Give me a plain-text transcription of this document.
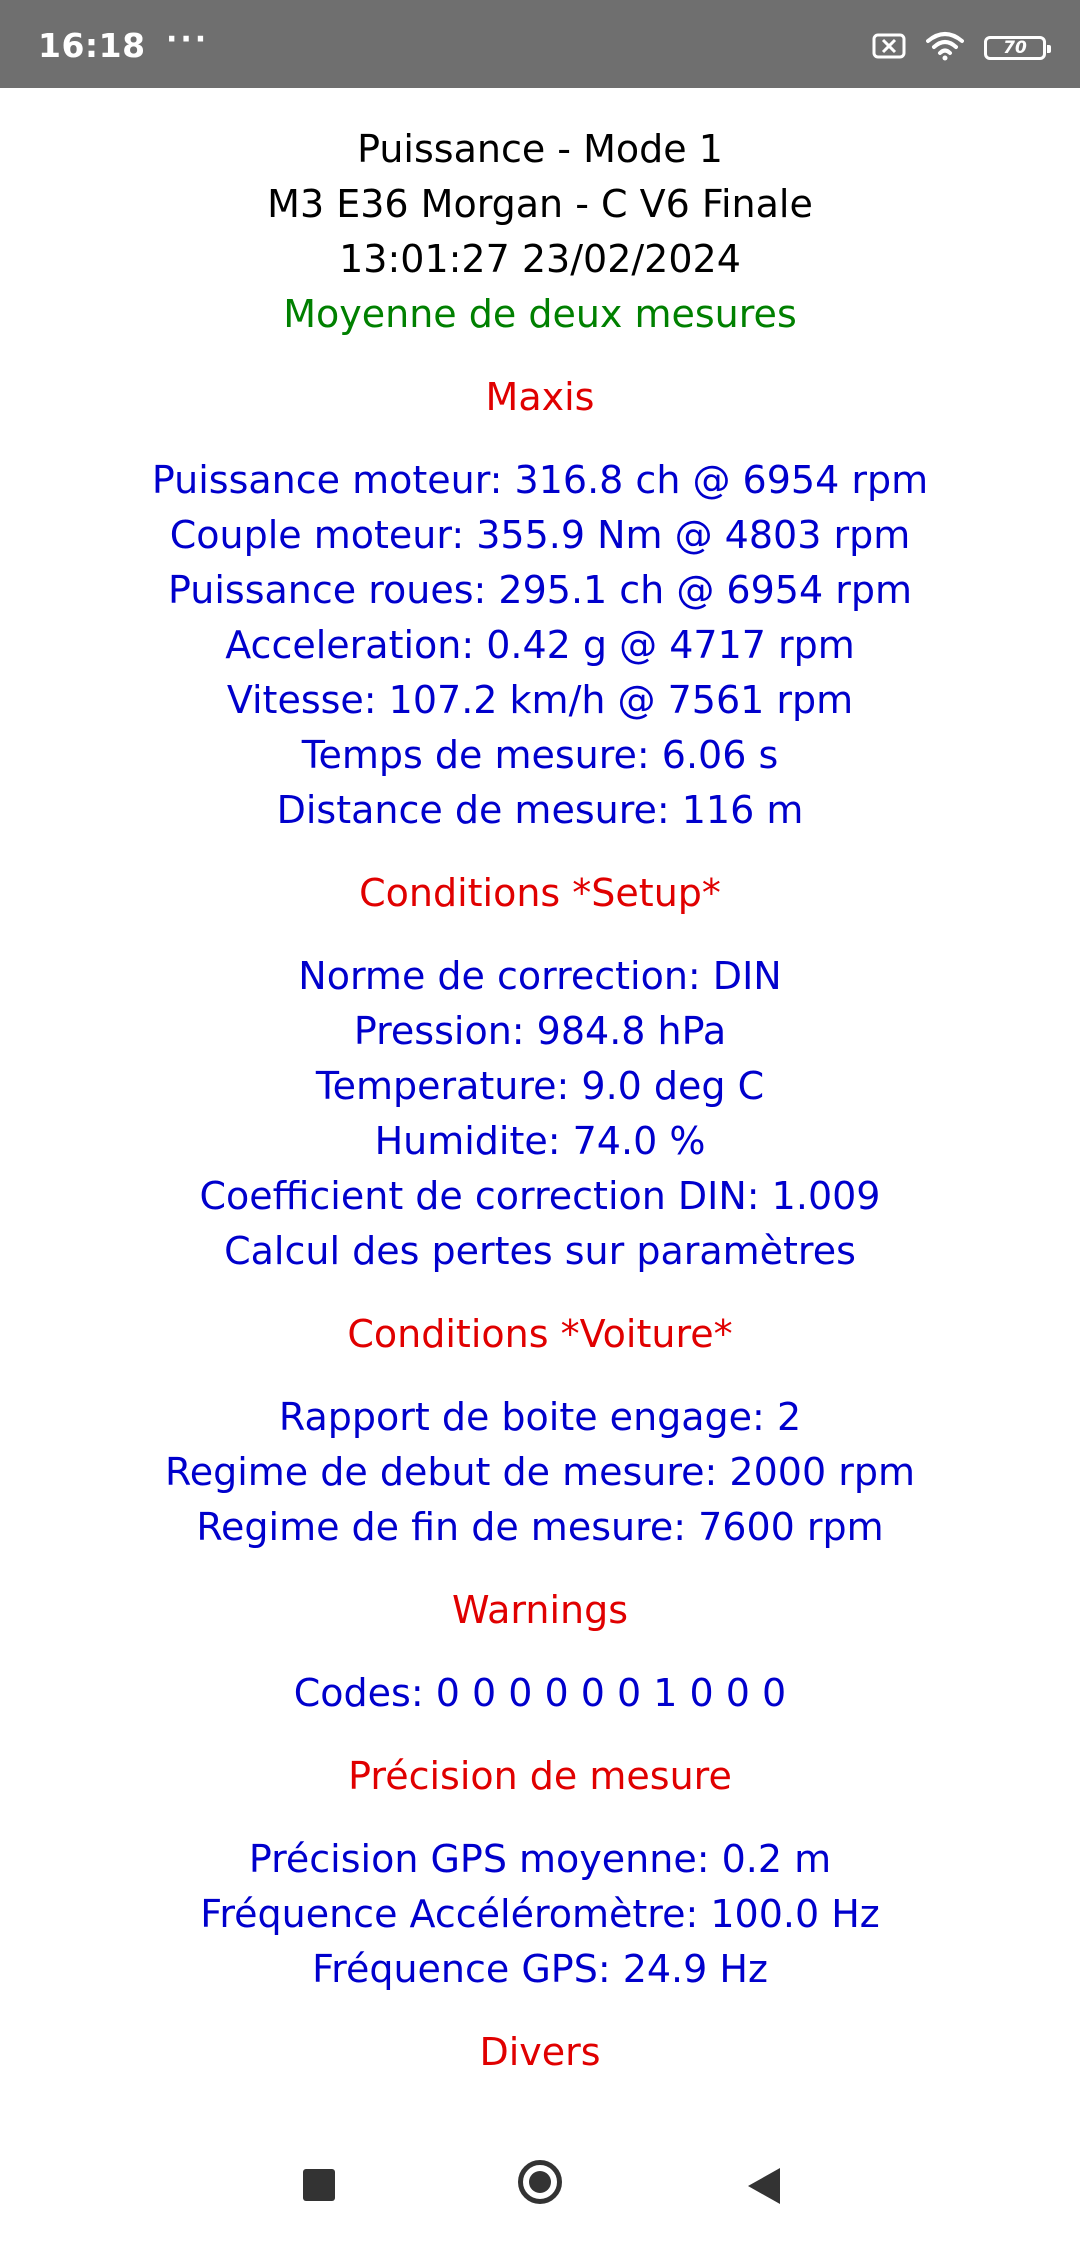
16:18 ···	70
Puissance - Mode 1
M3 E36 Morgan - C V6 Finale
13:01:27 23/02/2024
Moyenne de deux mesures
Maxis
Puissance moteur: 316.8 ch @ 6954 rpm
Couple moteur: 355.9 Nm @ 4803 rpm
Puissance roues: 295.1 ch @ 6954 rpm
Acceleration: 0.42 g @ 4717 rpm
Vitesse: 107.2 km/h @ 7561 rpm
Temps de mesure: 6.06 s
Distance de mesure: 116 m
Conditions *Setup*
Norme de correction: DIN
Pression: 984.8 hPa
Temperature: 9.0 deg C
Humidite: 74.0 %
Coefficient de correction DIN: 1.009
Calcul des pertes sur paramètres
Conditions *Voiture*
Rapport de boite engage: 2
Regime de debut de mesure: 2000 rpm
Regime de fin de mesure: 7600 rpm
Warnings
Codes: 0 0 0 0 0 0 1 0 0 0
Précision de mesure
Précision GPS moyenne: 0.2 m
Fréquence Accéléromètre: 100.0 Hz
Fréquence GPS: 24.9 Hz
Divers
